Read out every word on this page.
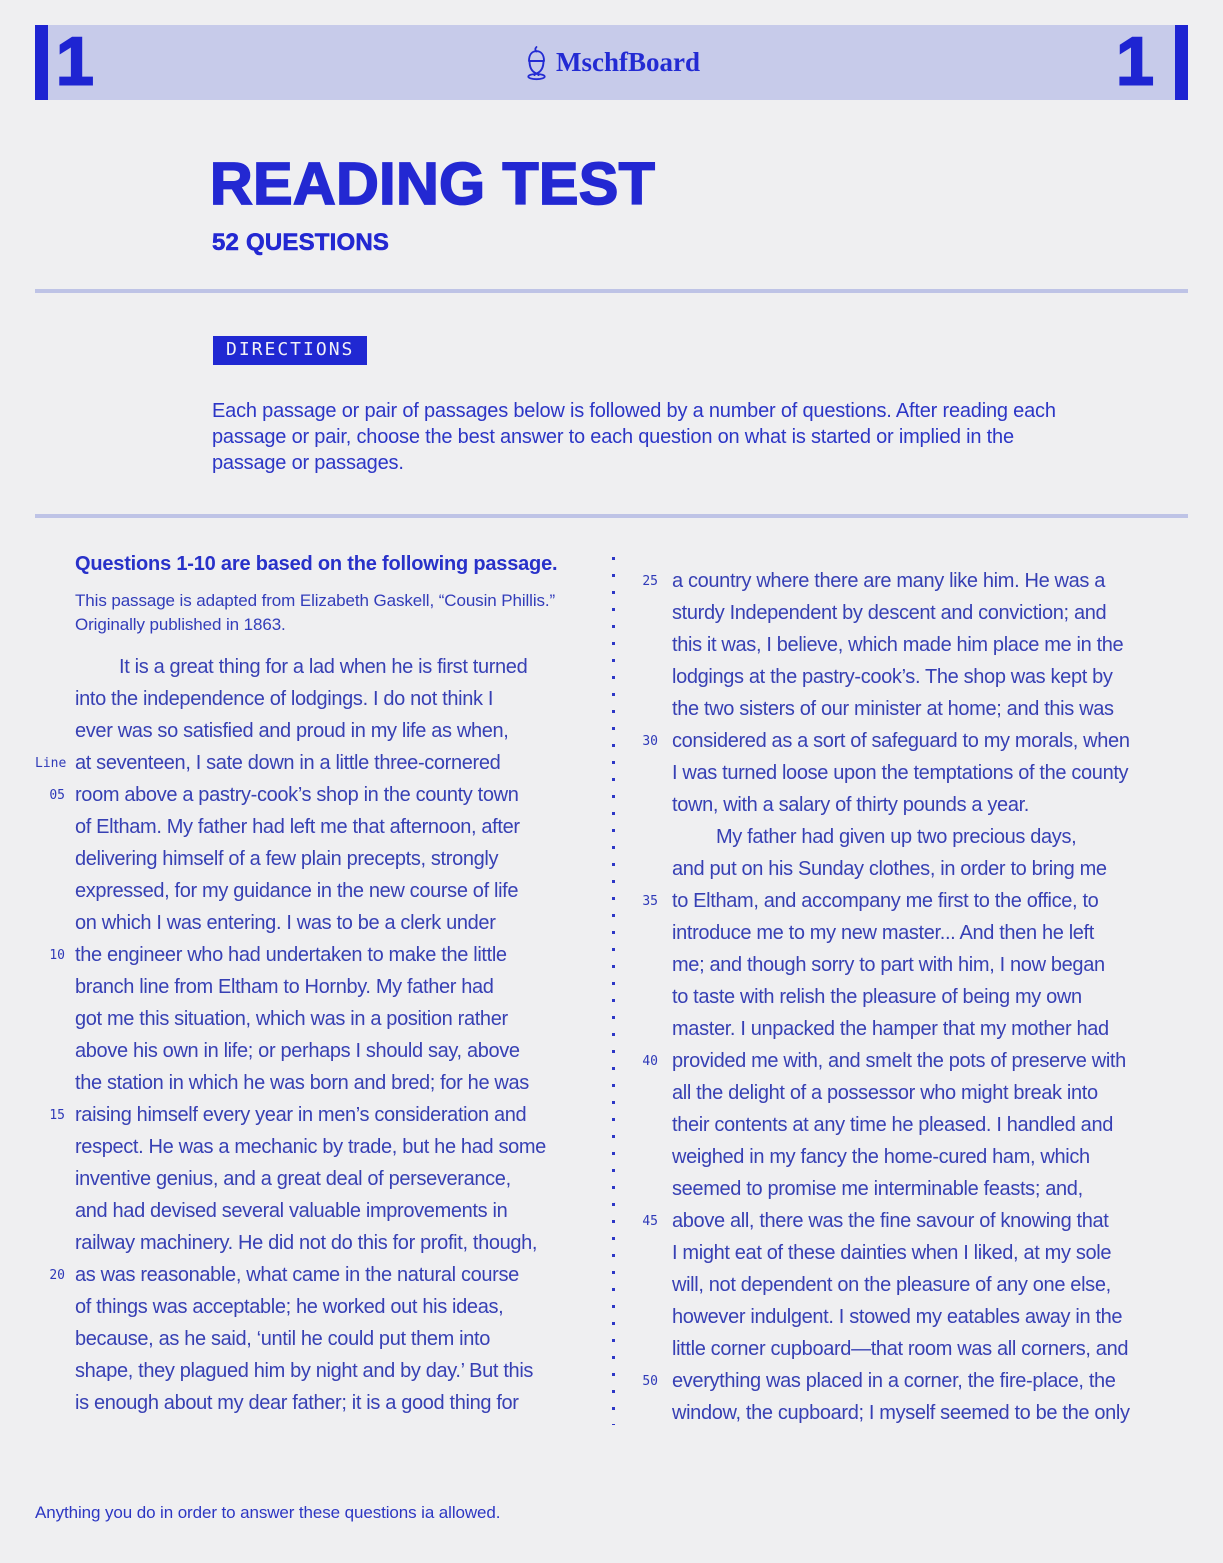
1	1
MschfBoard
READING TEST
52 QUESTIONS
DIRECTIONS

Each passage or pair of passages below is followed by a number of questions. After reading each passage or pair, choose the best answer to each question on what is started or implied in the passage or passages.

Questions 1-10 are based on the following passage.
This passage is adapted from Elizabeth Gaskell, “Cousin Phillis.” Originally published in 1863.
It is a great thing for a lad when he is first turned
into the independence of lodgings. I do not think I
ever was so satisfied and proud in my life as when,
Line at seventeen, I sate down in a little three-cornered
05 room above a pastry-cook’s shop in the county town
of Eltham. My father had left me that afternoon, after
delivering himself of a few plain precepts, strongly
expressed, for my guidance in the new course of life
on which I was entering. I was to be a clerk under
10 the engineer who had undertaken to make the little
branch line from Eltham to Hornby. My father had
got me this situation, which was in a position rather
above his own in life; or perhaps I should say, above
the station in which he was born and bred; for he was
15 raising himself every year in men’s consideration and
respect. He was a mechanic by trade, but he had some
inventive genius, and a great deal of perseverance,
and had devised several valuable improvements in
railway machinery. He did not do this for profit, though,
20 as was reasonable, what came in the natural course
of things was acceptable; he worked out his ideas,
because, as he said, ‘until he could put them into
shape, they plagued him by night and by day.’ But this
is enough about my dear father; it is a good thing for
25 a country where there are many like him. He was a
sturdy Independent by descent and conviction; and
this it was, I believe, which made him place me in the
lodgings at the pastry-cook’s. The shop was kept by
the two sisters of our minister at home; and this was
30 considered as a sort of safeguard to my morals, when
I was turned loose upon the temptations of the county
town, with a salary of thirty pounds a year.
My father had given up two precious days,
and put on his Sunday clothes, in order to bring me
35 to Eltham, and accompany me first to the office, to
introduce me to my new master... And then he left
me; and though sorry to part with him, I now began
to taste with relish the pleasure of being my own
master. I unpacked the hamper that my mother had
40 provided me with, and smelt the pots of preserve with
all the delight of a possessor who might break into
their contents at any time he pleased. I handled and
weighed in my fancy the home-cured ham, which
seemed to promise me interminable feasts; and,
45 above all, there was the fine savour of knowing that
I might eat of these dainties when I liked, at my sole
will, not dependent on the pleasure of any one else,
however indulgent. I stowed my eatables away in the
little corner cupboard—that room was all corners, and
50 everything was placed in a corner, the fire-place, the
window, the cupboard; I myself seemed to be the only
Anything you do in order to answer these questions ia allowed.
